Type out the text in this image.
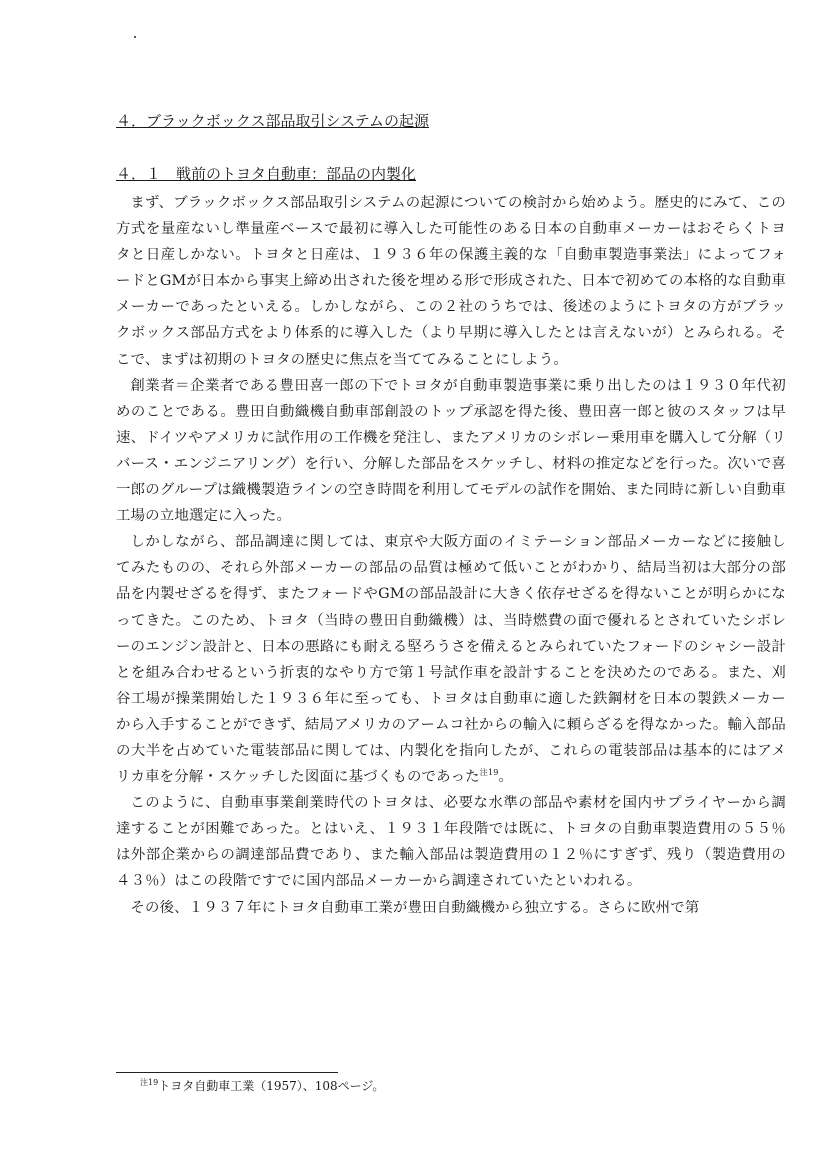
４．ブラックボックス部品取引システムの起源
４．１　戦前のトヨタ自動車：部品の内製化

まず、ブラックボックス部品取引システムの起源についての検討から始めよう。歴史的にみて、この方式を量産ないし準量産ベースで最初に導入した可能性のある日本の自動車メーカーはおそらくトヨタと日産しかない。トヨタと日産は、１９３６年の保護主義的な「自動車製造事業法」によってフォードとGMが日本から事実上締め出された後を埋める形で形成された、日本で初めての本格的な自動車メーカーであったといえる。しかしながら、この２社のうちでは、後述のようにトヨタの方がブラックボックス部品方式をより体系的に導入した（より早期に導入したとは言えないが）とみられる。そこで、まずは初期のトヨタの歴史に焦点を当ててみることにしよう。

創業者＝企業者である豊田喜一郎の下でトヨタが自動車製造事業に乗り出したのは１９３０年代初めのことである。豊田自動織機自動車部創設のトップ承認を得た後、豊田喜一郎と彼のスタッフは早速、ドイツやアメリカに試作用の工作機を発注し、またアメリカのシボレー乗用車を購入して分解（リバース・エンジニアリング）を行い、分解した部品をスケッチし、材料の推定などを行った。次いで喜一郎のグループは織機製造ラインの空き時間を利用してモデルの試作を開始、また同時に新しい自動車工場の立地選定に入った。

しかしながら、部品調達に関しては、東京や大阪方面のイミテーション部品メーカーなどに接触してみたものの、それら外部メーカーの部品の品質は極めて低いことがわかり、結局当初は大部分の部品を内製せざるを得ず、またフォードやGMの部品設計に大きく依存せざるを得ないことが明らかになってきた。このため、トヨタ（当時の豊田自動織機）は、当時燃費の面で優れるとされていたシボレーのエンジン設計と、日本の悪路にも耐える堅ろうさを備えるとみられていたフォードのシャシー設計とを組み合わせるという折衷的なやり方で第１号試作車を設計することを決めたのである。また、刈谷工場が操業開始した１９３６年に至っても、トヨタは自動車に適した鉄鋼材を日本の製鉄メーカーから入手することができず、結局アメリカのアームコ社からの輸入に頼らざるを得なかった。輸入部品の大半を占めていた電装部品に関しては、内製化を指向したが、これらの電装部品は基本的にはアメリカ車を分解・スケッチした図面に基づくものであった$^{注19}$。

このように、自動車事業創業時代のトヨタは、必要な水準の部品や素材を国内サプライヤーから調達することが困難であった。とはいえ、１９３１年段階では既に、トヨタの自動車製造費用の５５％は外部企業からの調達部品費であり、また輸入部品は製造費用の１２％にすぎず、残り（製造費用の４３％）はこの段階ですでに国内部品メーカーから調達されていたといわれる。

その後、１９３７年にトヨタ自動車工業が豊田自動織機から独立する。さらに欧州で第

$^{注19}$トヨタ自動車工業（1957）、108ページ。
